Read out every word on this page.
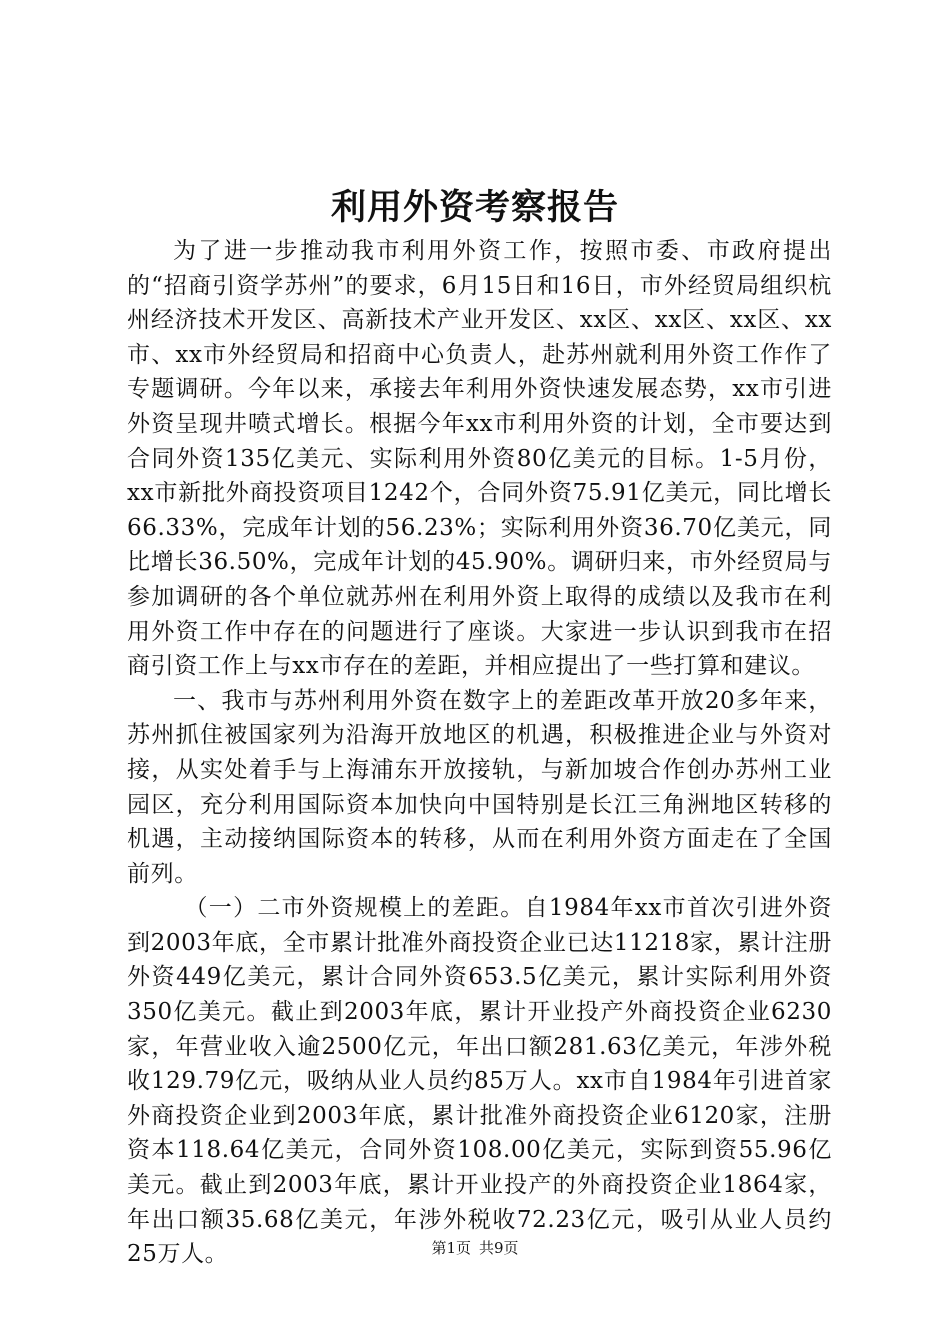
利用外资考察报告

为了进一步推动我市利用外资工作，按照市委、市政府提出的“招商引资学苏州”的要求，6月15日和16日，市外经贸局组织杭州经济技术开发区、高新技术产业开发区、xx区、xx区、xx区、xx市、xx市外经贸局和招商中心负责人，赴苏州就利用外资工作作了专题调研。今年以来，承接去年利用外资快速发展态势，xx市引进外资呈现井喷式增长。根据今年xx市利用外资的计划，全市要达到合同外资135亿美元、实际利用外资80亿美元的目标。1-5月份，xx市新批外商投资项目1242个，合同外资75.91亿美元，同比增长66.33%，完成年计划的56.23%；实际利用外资36.70亿美元，同比增长36.50%，完成年计划的45.90%。调研归来，市外经贸局与参加调研的各个单位就苏州在利用外资上取得的成绩以及我市在利用外资工作中存在的问题进行了座谈。大家进一步认识到我市在招商引资工作上与xx市存在的差距，并相应提出了一些打算和建议。

一、我市与苏州利用外资在数字上的差距改革开放20多年来，苏州抓住被国家列为沿海开放地区的机遇，积极推进企业与外资对接，从实处着手与上海浦东开放接轨，与新加坡合作创办苏州工业园区，充分利用国际资本加快向中国特别是长江三角洲地区转移的机遇，主动接纳国际资本的转移，从而在利用外资方面走在了全国前列。

（一）二市外资规模上的差距。自1984年xx市首次引进外资到2003年底，全市累计批准外商投资企业已达11218家，累计注册外资449亿美元，累计合同外资653.5亿美元，累计实际利用外资350亿美元。截止到2003年底，累计开业投产外商投资企业6230家，年营业收入逾2500亿元，年出口额281.63亿美元，年涉外税收129.79亿元，吸纳从业人员约85万人。xx市自1984年引进首家外商投资企业到2003年底，累计批准外商投资企业6120家，注册资本118.64亿美元，合同外资108.00亿美元，实际到资55.96亿美元。截止到2003年底，累计开业投产的外商投资企业1864家，年出口额35.68亿美元，年涉外税收72.23亿元，吸引从业人员约25万人。	第1页 共9页
